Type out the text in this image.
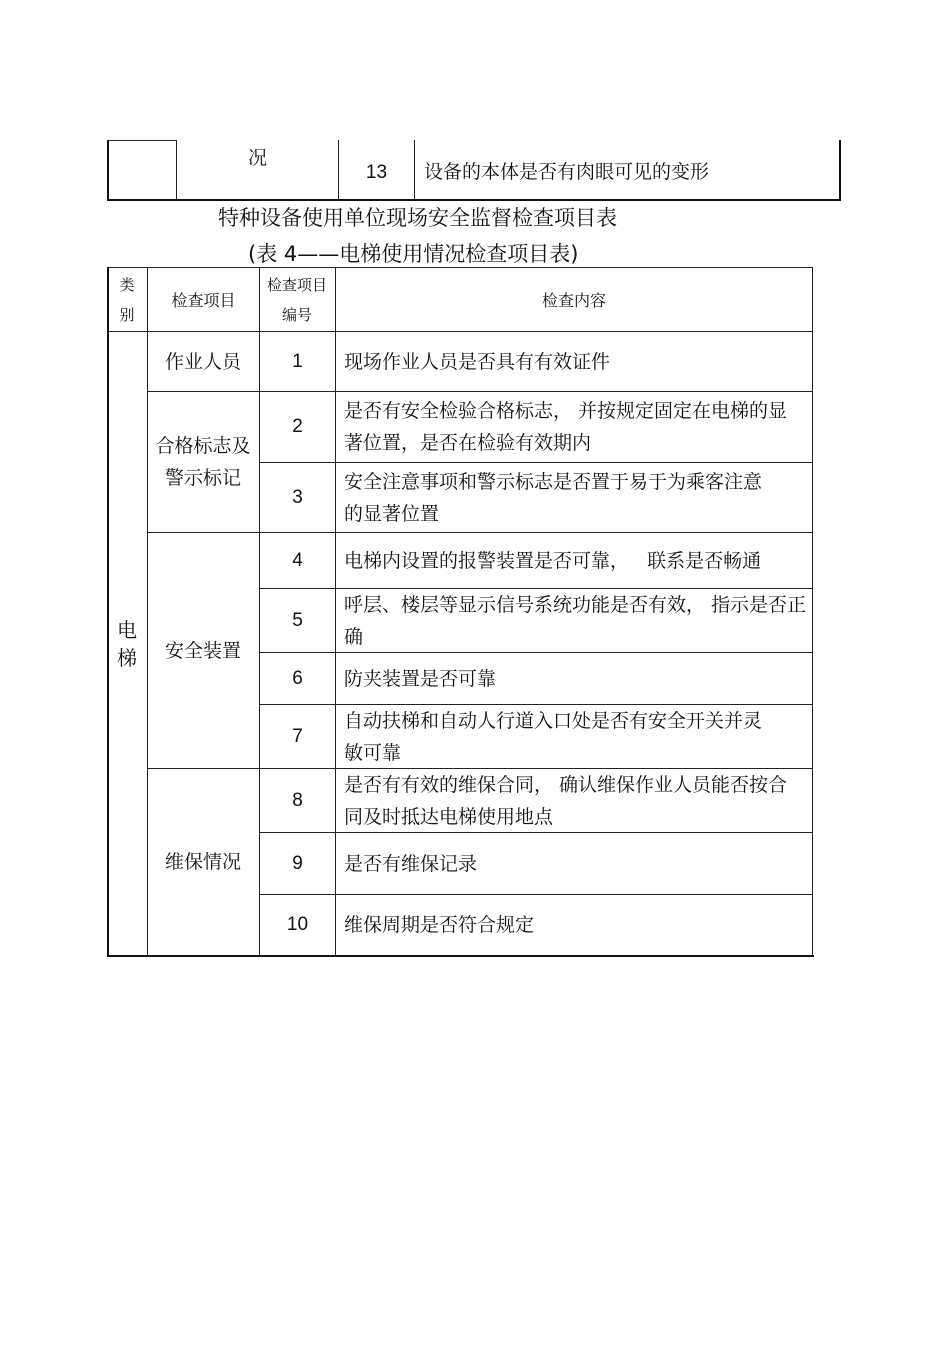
况
13	设备的本体是否有肉眼可见的变形
特种设备使用单位现场安全监督检查项目表
(表 4——电梯使用情况检查项目表)
类别
检查项目
检查项目编号
检查内容
电梯
作业人员
合格标志及警示标记
安全装置
维保情况
1
2
3
4
5
6
7
8
9
10
现场作业人员是否具有有效证件
是否有安全检验合格标志， 并按规定固定在电梯的显著位置，是否在检验有效期内
安全注意事项和警示标志是否置于易于为乘客注意的显著位置
电梯内设置的报警装置是否可靠，   联系是否畅通
呼层、楼层等显示信号系统功能是否有效， 指示是否正确
防夹装置是否可靠
自动扶梯和自动人行道入口处是否有安全开关并灵敏可靠
是否有有效的维保合同， 确认维保作业人员能否按合同及时抵达电梯使用地点
是否有维保记录
维保周期是否符合规定
